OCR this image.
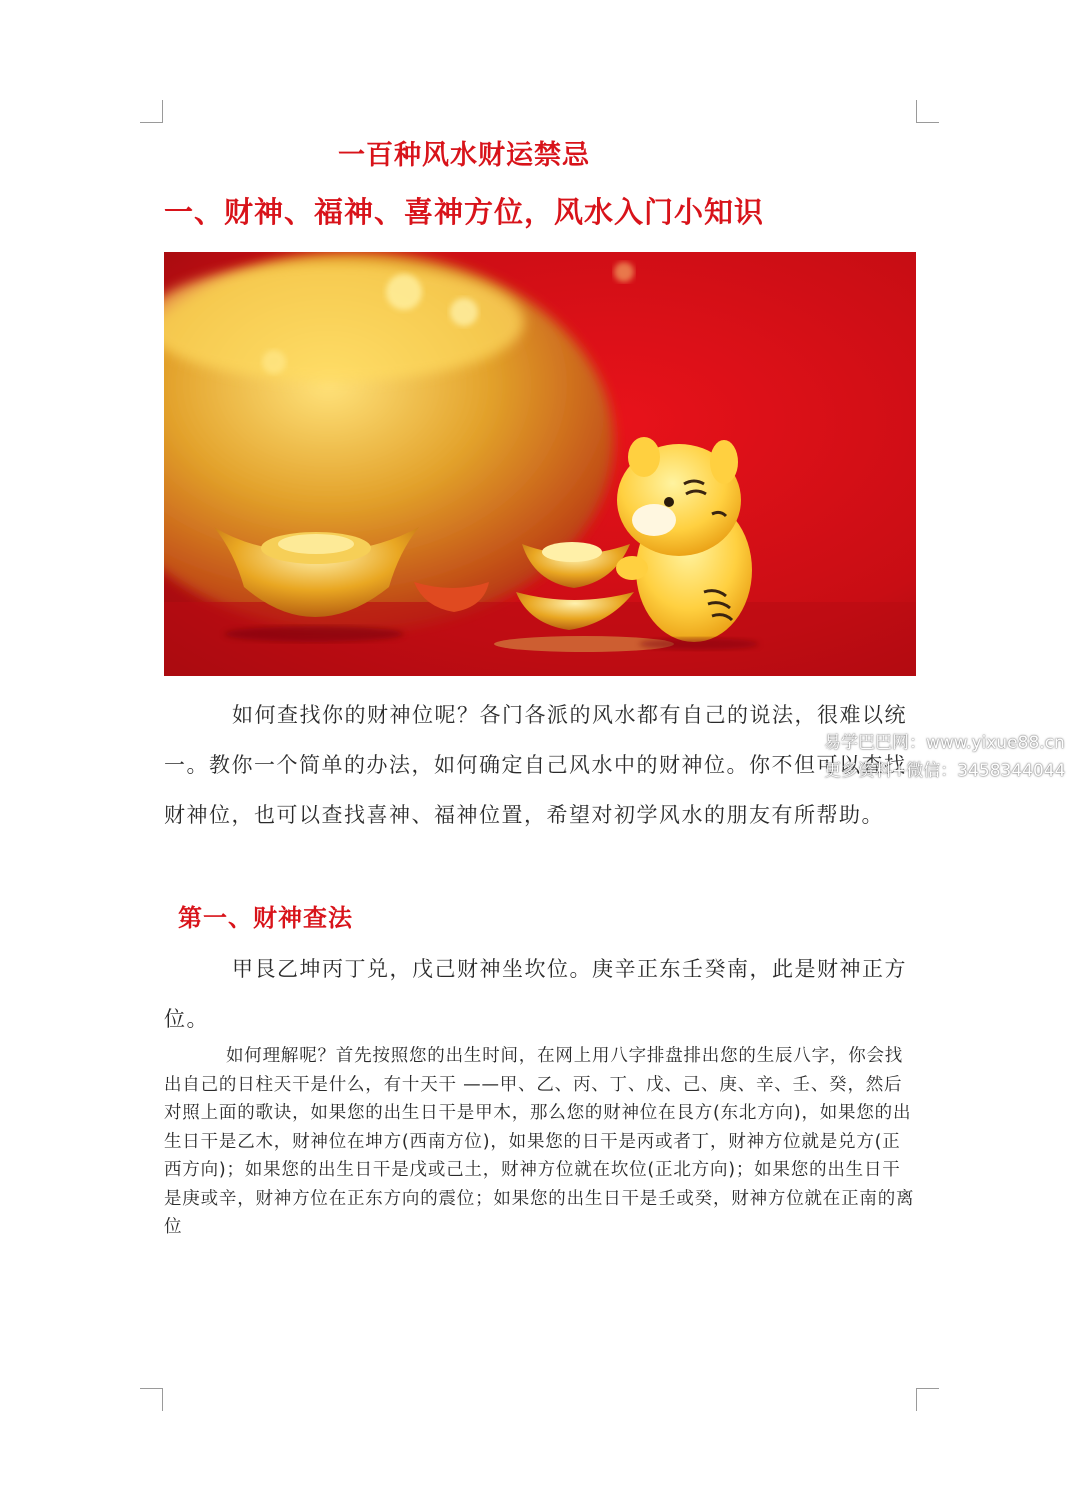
一百种风水财运禁忌
一、财神、福神、喜神方位，风水入门小知识

如何查找你的财神位呢？各门各派的风水都有自己的说法，很难以统一。教你一个简单的办法，如何确定自己风水中的财神位。你不但可以查找财神位，也可以查找喜神、福神位置，希望对初学风水的朋友有所帮助。

第一、财神查法

甲艮乙坤丙丁兑，戊己财神坐坎位。庚辛正东壬癸南，此是财神正方位。

如何理解呢？首先按照您的出生时间，在网上用八字排盘排出您的生辰八字，你会找出自己的日柱天干是什么，有十天干 ——甲、乙、丙、丁、戊、己、庚、辛、壬、癸，然后对照上面的歌诀，如果您的出生日干是甲木，那么您的财神位在艮方(东北方向)，如果您的出生日干是乙木，财神位在坤方(西南方位)，如果您的日干是丙或者丁，财神方位就是兑方(正西方向)；如果您的出生日干是戊或己土，财神方位就在坎位(正北方向)；如果您的出生日干是庚或辛，财神方位在正东方向的震位；如果您的出生日干是壬或癸，财神方位就在正南的离位

易学巴巴网：www.yixue88.cn
更多资料+微信：3458344044
